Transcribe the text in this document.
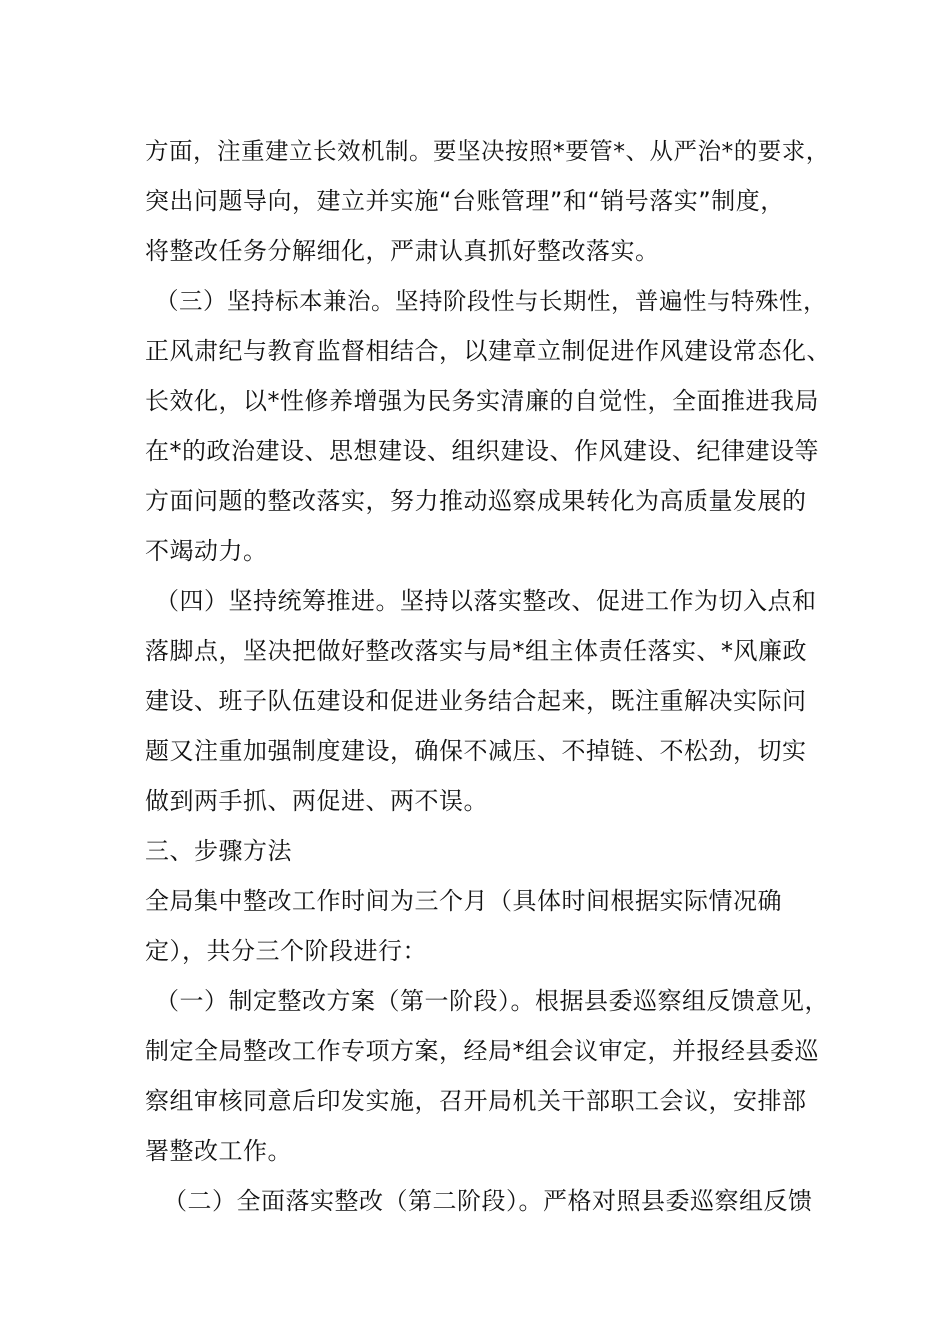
方面，注重建立长效机制。要坚决按照*要管*、从严治*的要求，
突出问题导向，建立并实施“台账管理”和“销号落实”制度，
将整改任务分解细化，严肃认真抓好整改落实。
（三）坚持标本兼治。坚持阶段性与长期性，普遍性与特殊性，
正风肃纪与教育监督相结合，以建章立制促进作风建设常态化、
长效化，以*性修养增强为民务实清廉的自觉性，全面推进我局
在*的政治建设、思想建设、组织建设、作风建设、纪律建设等
方面问题的整改落实，努力推动巡察成果转化为高质量发展的
不竭动力。
（四）坚持统筹推进。坚持以落实整改、促进工作为切入点和
落脚点，坚决把做好整改落实与局*组主体责任落实、*风廉政
建设、班子队伍建设和促进业务结合起来，既注重解决实际问
题又注重加强制度建设，确保不减压、不掉链、不松劲，切实
做到两手抓、两促进、两不误。
三、步骤方法
全局集中整改工作时间为三个月（具体时间根据实际情况确
定），共分三个阶段进行：
（一）制定整改方案（第一阶段）。根据县委巡察组反馈意见，
制定全局整改工作专项方案，经局*组会议审定，并报经县委巡
察组审核同意后印发实施，召开局机关干部职工会议，安排部
署整改工作。
（二）全面落实整改（第二阶段）。严格对照县委巡察组反馈
